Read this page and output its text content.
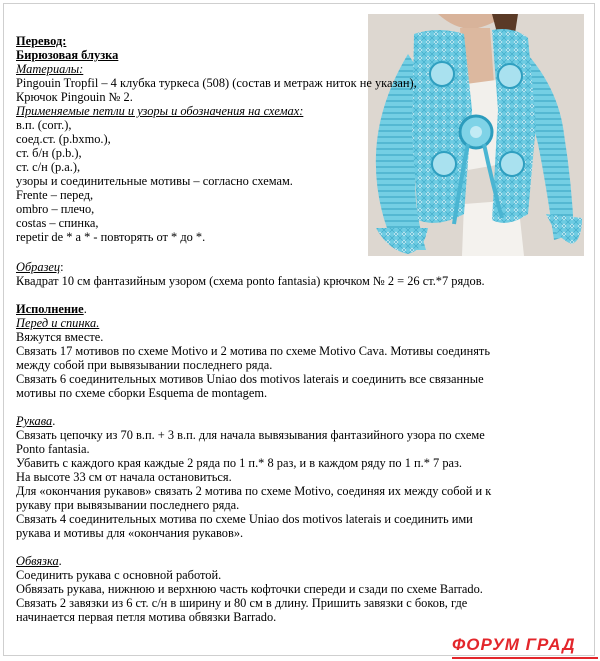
Перевод:
Бирюзовая блузка
Материалы:
Pingouin Tropfil – 4 клубка туркеса (508) (состав и метраж ниток не указан),
Крючок Pingouin № 2.
Применяемые петли и узоры и обозначения на схемах:
в.п. (corr.),
соед.ст. (p.bxmo.),
ст. б/н (p.b.),
ст. с/н (p.a.),
узоры и соединительные мотивы – согласно схемам.
Frente – перед,
ombro – плечо,
costas – спинка,
repetir de * a * - повторять от * до *.
Образец:
Квадрат 10 см фантазийным узором (схема ponto fantasia) крючком № 2 = 26 ст.*7 рядов.
Исполнение.
Перед и спинка.
Вяжутся вместе.
Связать 17 мотивов по схеме Motivo и 2 мотива по схеме Motivo Cava. Мотивы соединять
между собой при вывязывании последнего ряда.
Связать 6 соединительных мотивов Uniao dos motivos laterais и соединить все связанные
мотивы по схеме сборки Esquema de montagem.
Рукава.
Связать цепочку из 70 в.п. + 3 в.п. для начала вывязывания фантазийного узора по схеме
Ponto fantasia.
Убавить с каждого края каждые 2 ряда по 1 п.* 8 раз, и в каждом ряду по 1 п.* 7 раз.
На высоте 33 см от начала остановиться.
Для «окончания рукавов» связать 2 мотива по схеме Motivo, соединяя их между собой и к
рукаву при вывязывании последнего ряда.
Связать 4 соединительных мотива по схеме Uniao dos motivos laterais и соединить ими
рукава и мотивы для «окончания рукавов».
Обвязка.
Соединить рукава с основной работой.
Обвязать рукава, нижнюю и верхнюю часть кофточки спереди и сзади по схеме Barrado.
Связать 2 завязки из 6 ст. с/н в ширину и 80 см в длину. Пришить завязки с боков, где
начинается первая петля мотива обвязки Barrado.
ФОРУМ ГРАД
